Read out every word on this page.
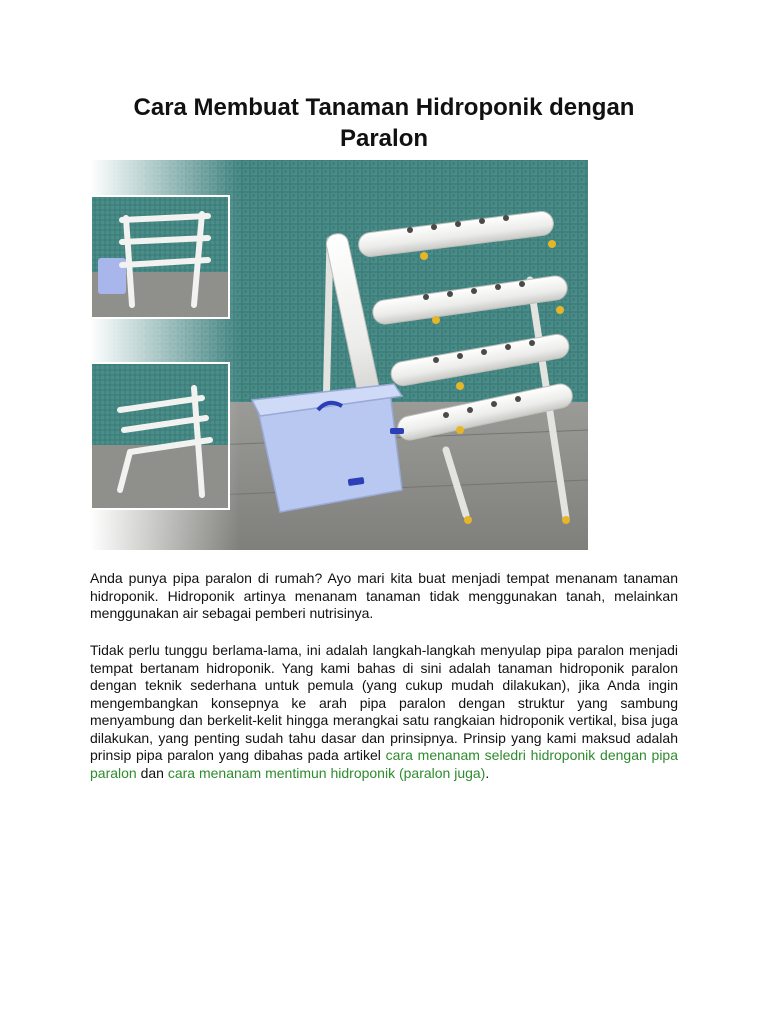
Cara Membuat Tanaman Hidroponik dengan Paralon

Anda punya pipa paralon di rumah? Ayo mari kita buat menjadi tempat menanam tanaman hidroponik. Hidroponik artinya menanam tanaman tidak menggunakan tanah, melainkan menggunakan air sebagai pemberi nutrisinya.

Tidak perlu tunggu berlama-lama, ini adalah langkah-langkah menyulap pipa paralon menjadi tempat bertanam hidroponik. Yang kami bahas di sini adalah tanaman hidroponik paralon dengan teknik sederhana untuk pemula (yang cukup mudah dilakukan), jika Anda ingin mengembangkan konsepnya ke arah pipa paralon dengan struktur yang sambung menyambung dan berkelit-kelit hingga merangkai satu rangkaian hidroponik vertikal, bisa juga dilakukan, yang penting sudah tahu dasar dan prinsipnya. Prinsip yang kami maksud adalah prinsip pipa paralon yang dibahas pada artikel cara menanam seledri hidroponik dengan pipa paralon dan cara menanam mentimun hidroponik (paralon juga).
